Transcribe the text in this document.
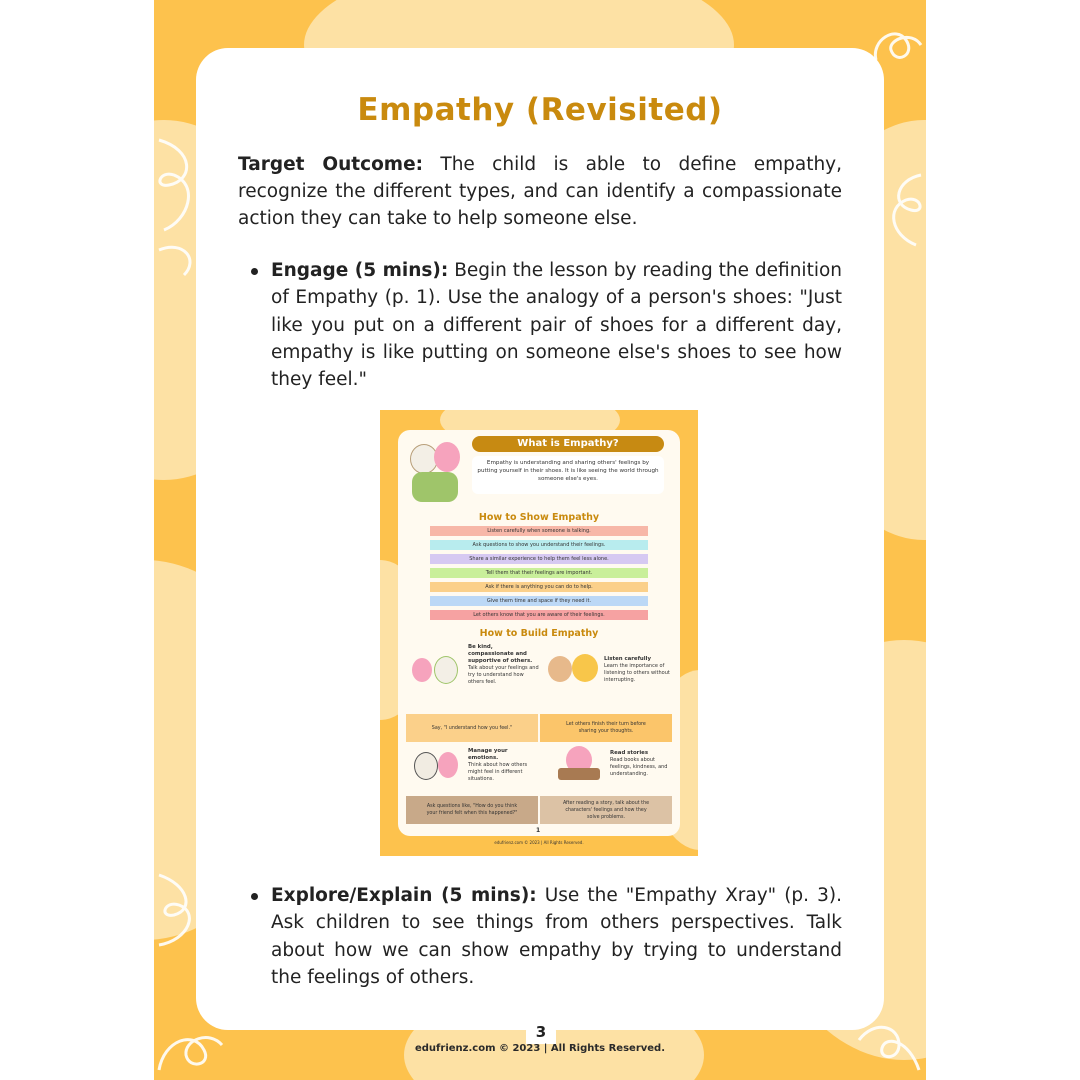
Empathy (Revisited)

Target Outcome: The child is able to define empathy, recognize the different types, and can identify a compassionate action they can take to help someone else.

Engage (5 mins): Begin the lesson by reading the definition of Empathy (p. 1). Use the analogy of a person's shoes: "Just like you put on a different pair of shoes for a different day, empathy is like putting on someone else's shoes to see how they feel."

What is Empathy?
Empathy is understanding and sharing others' feelings by putting yourself in their shoes. It is like seeing the world through someone else's eyes.
How to Show Empathy
Listen carefully when someone is talking.
Ask questions to show you understand their feelings.
Share a similar experience to help them feel less alone.
Tell them that their feelings are important.
Ask if there is anything you can do to help.
Give them time and space if they need it.
Let others know that you are aware of their feelings.
How to Build Empathy
Be kind, compassionate and supportive of others.
Talk about your feelings and try to understand how others feel.
Listen carefully
Learn the importance of listening to others without interrupting.
Say, "I understand how you feel."
Let others finish their turn before sharing your thoughts.
Manage your emotions.
Think about how others might feel in different situations.
Read stories
Read books about feelings, kindness, and understanding.
Ask questions like, "How do you think your friend felt when this happened?"
After reading a story, talk about the characters' feelings and how they solve problems.
1
edufrienz.com © 2023 | All Rights Reserved.

Explore/Explain (5 mins): Use the "Empathy Xray" (p. 3). Ask children to see things from others perspectives. Talk about how we can show empathy by trying to understand the feelings of others.

3
edufrienz.com © 2023 | All Rights Reserved.
